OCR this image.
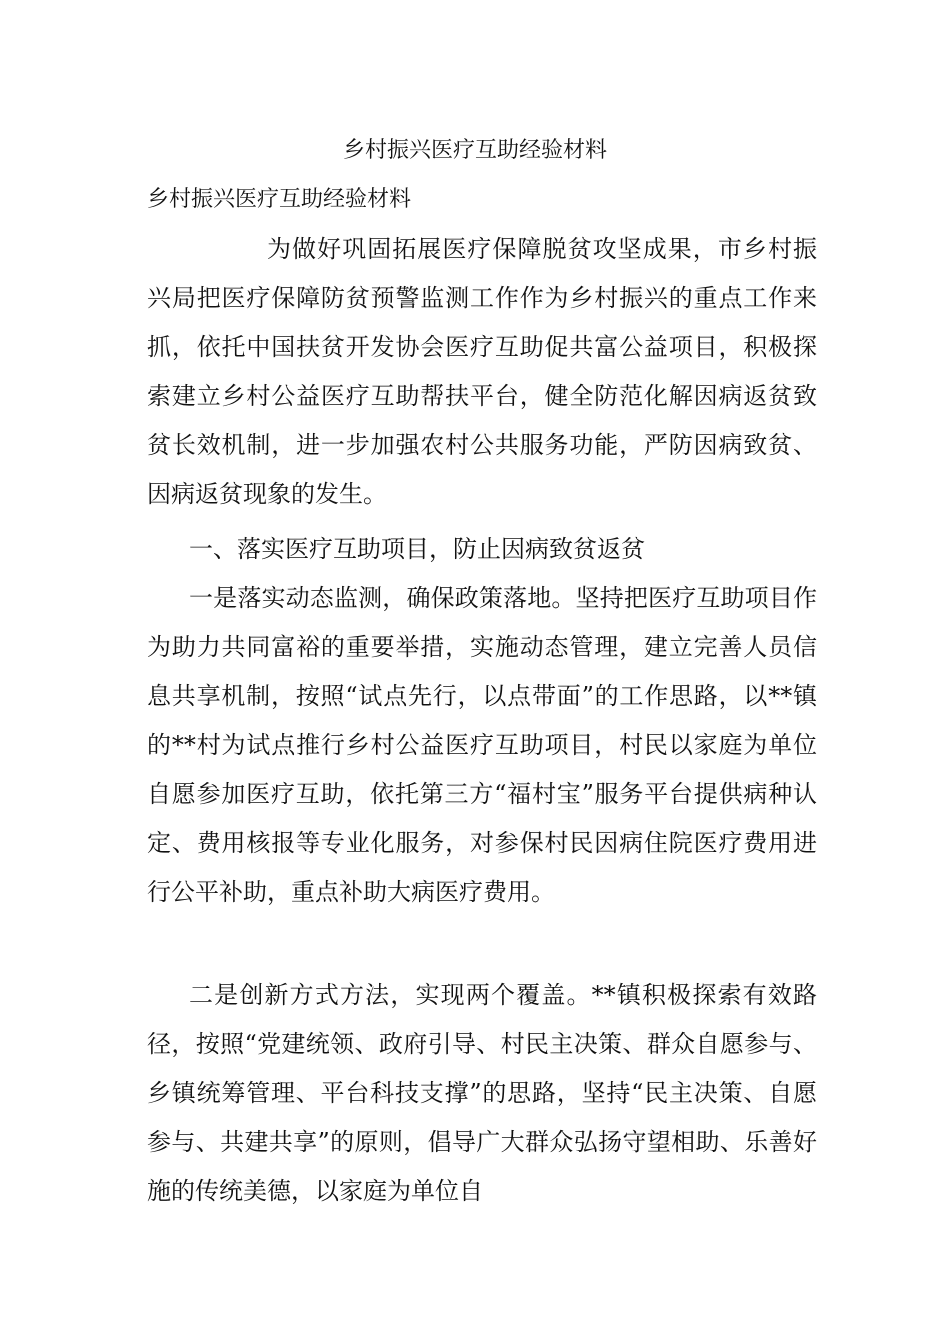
乡村振兴医疗互助经验材料
乡村振兴医疗互助经验材料

为做好巩固拓展医疗保障脱贫攻坚成果，市乡村振兴局把医疗保障防贫预警监测工作作为乡村振兴的重点工作来抓，依托中国扶贫开发协会医疗互助促共富公益项目，积极探索建立乡村公益医疗互助帮扶平台，健全防范化解因病返贫致贫长效机制，进一步加强农村公共服务功能，严防因病致贫、因病返贫现象的发生。

一、落实医疗互助项目，防止因病致贫返贫

一是落实动态监测，确保政策落地。坚持把医疗互助项目作为助力共同富裕的重要举措，实施动态管理，建立完善人员信息共享机制，按照“试点先行，以点带面”的工作思路，以**镇的**村为试点推行乡村公益医疗互助项目，村民以家庭为单位自愿参加医疗互助，依托第三方“福村宝”服务平台提供病种认定、费用核报等专业化服务，对参保村民因病住院医疗费用进行公平补助，重点补助大病医疗费用。

二是创新方式方法，实现两个覆盖。**镇积极探索有效路径，按照“党建统领、政府引导、村民主决策、群众自愿参与、乡镇统筹管理、平台科技支撑”的思路，坚持“民主决策、自愿参与、共建共享”的原则，倡导广大群众弘扬守望相助、乐善好施的传统美德，以家庭为单位自
